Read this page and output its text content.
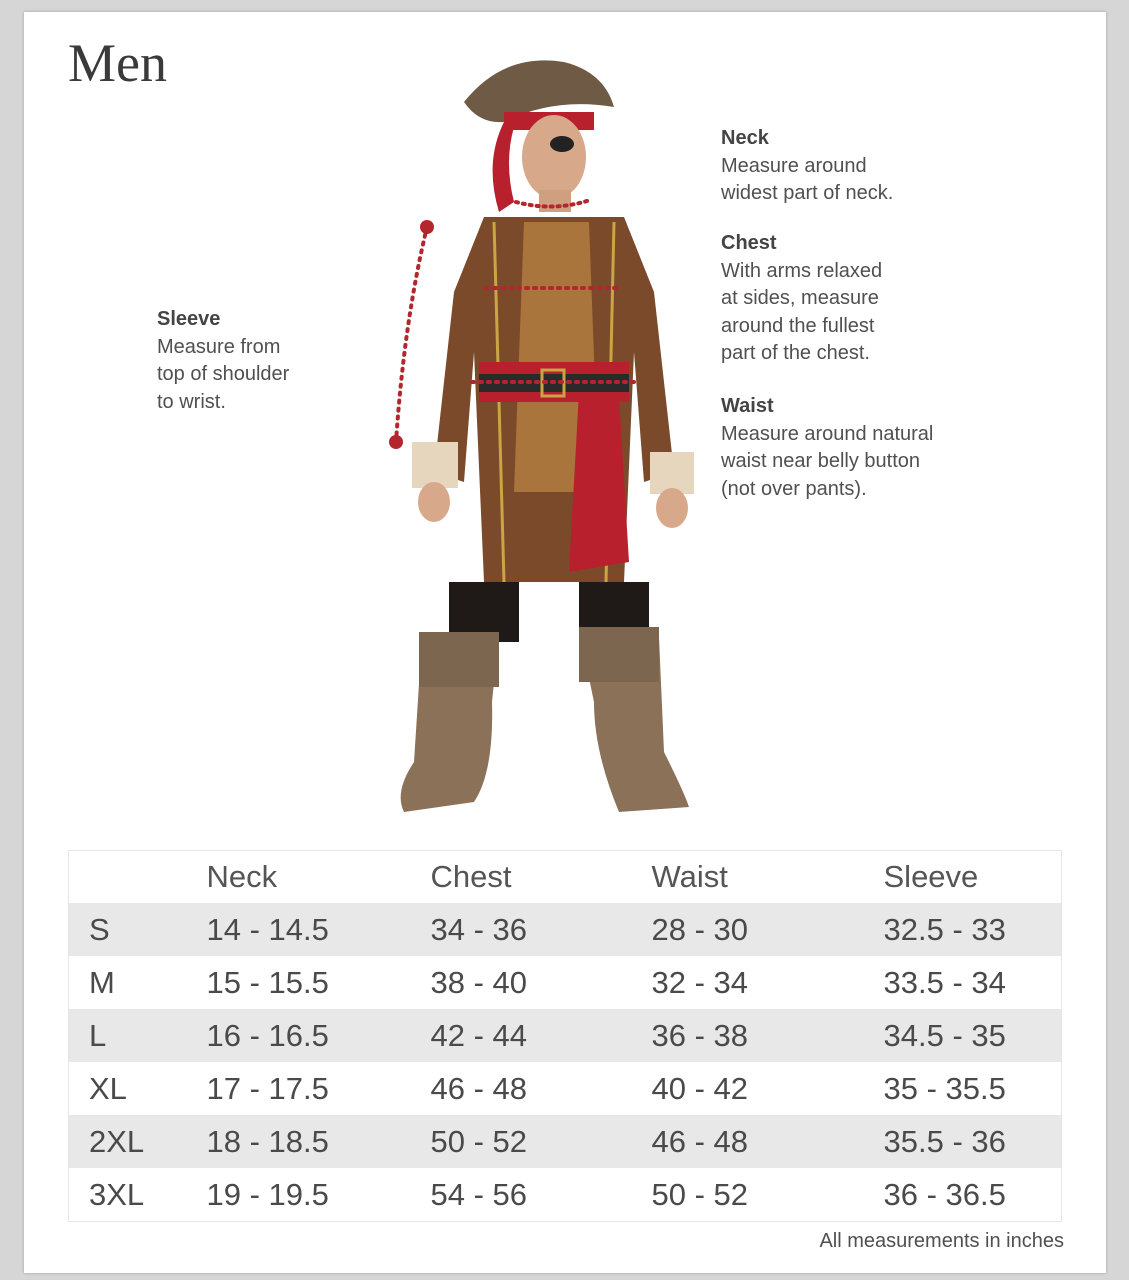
Men
Neck
Measure around
widest part of neck.
Chest
With arms relaxed
at sides, measure
around the fullest
part of the chest.
Waist
Measure around natural
waist near belly button
(not over pants).
Sleeve
Measure from
top of shoulder
to wrist.
	Neck	Chest	Waist	Sleeve
S	14 - 14.5	34 - 36	28 - 30	32.5 - 33
M	15 - 15.5	38 - 40	32 - 34	33.5 - 34
L	16 - 16.5	42 - 44	36 - 38	34.5 - 35
XL	17 - 17.5	46 - 48	40 - 42	35 - 35.5
2XL	18 - 18.5	50 - 52	46 - 48	35.5 - 36
3XL	19 - 19.5	54 - 56	50 - 52	36 - 36.5
All measurements in inches
